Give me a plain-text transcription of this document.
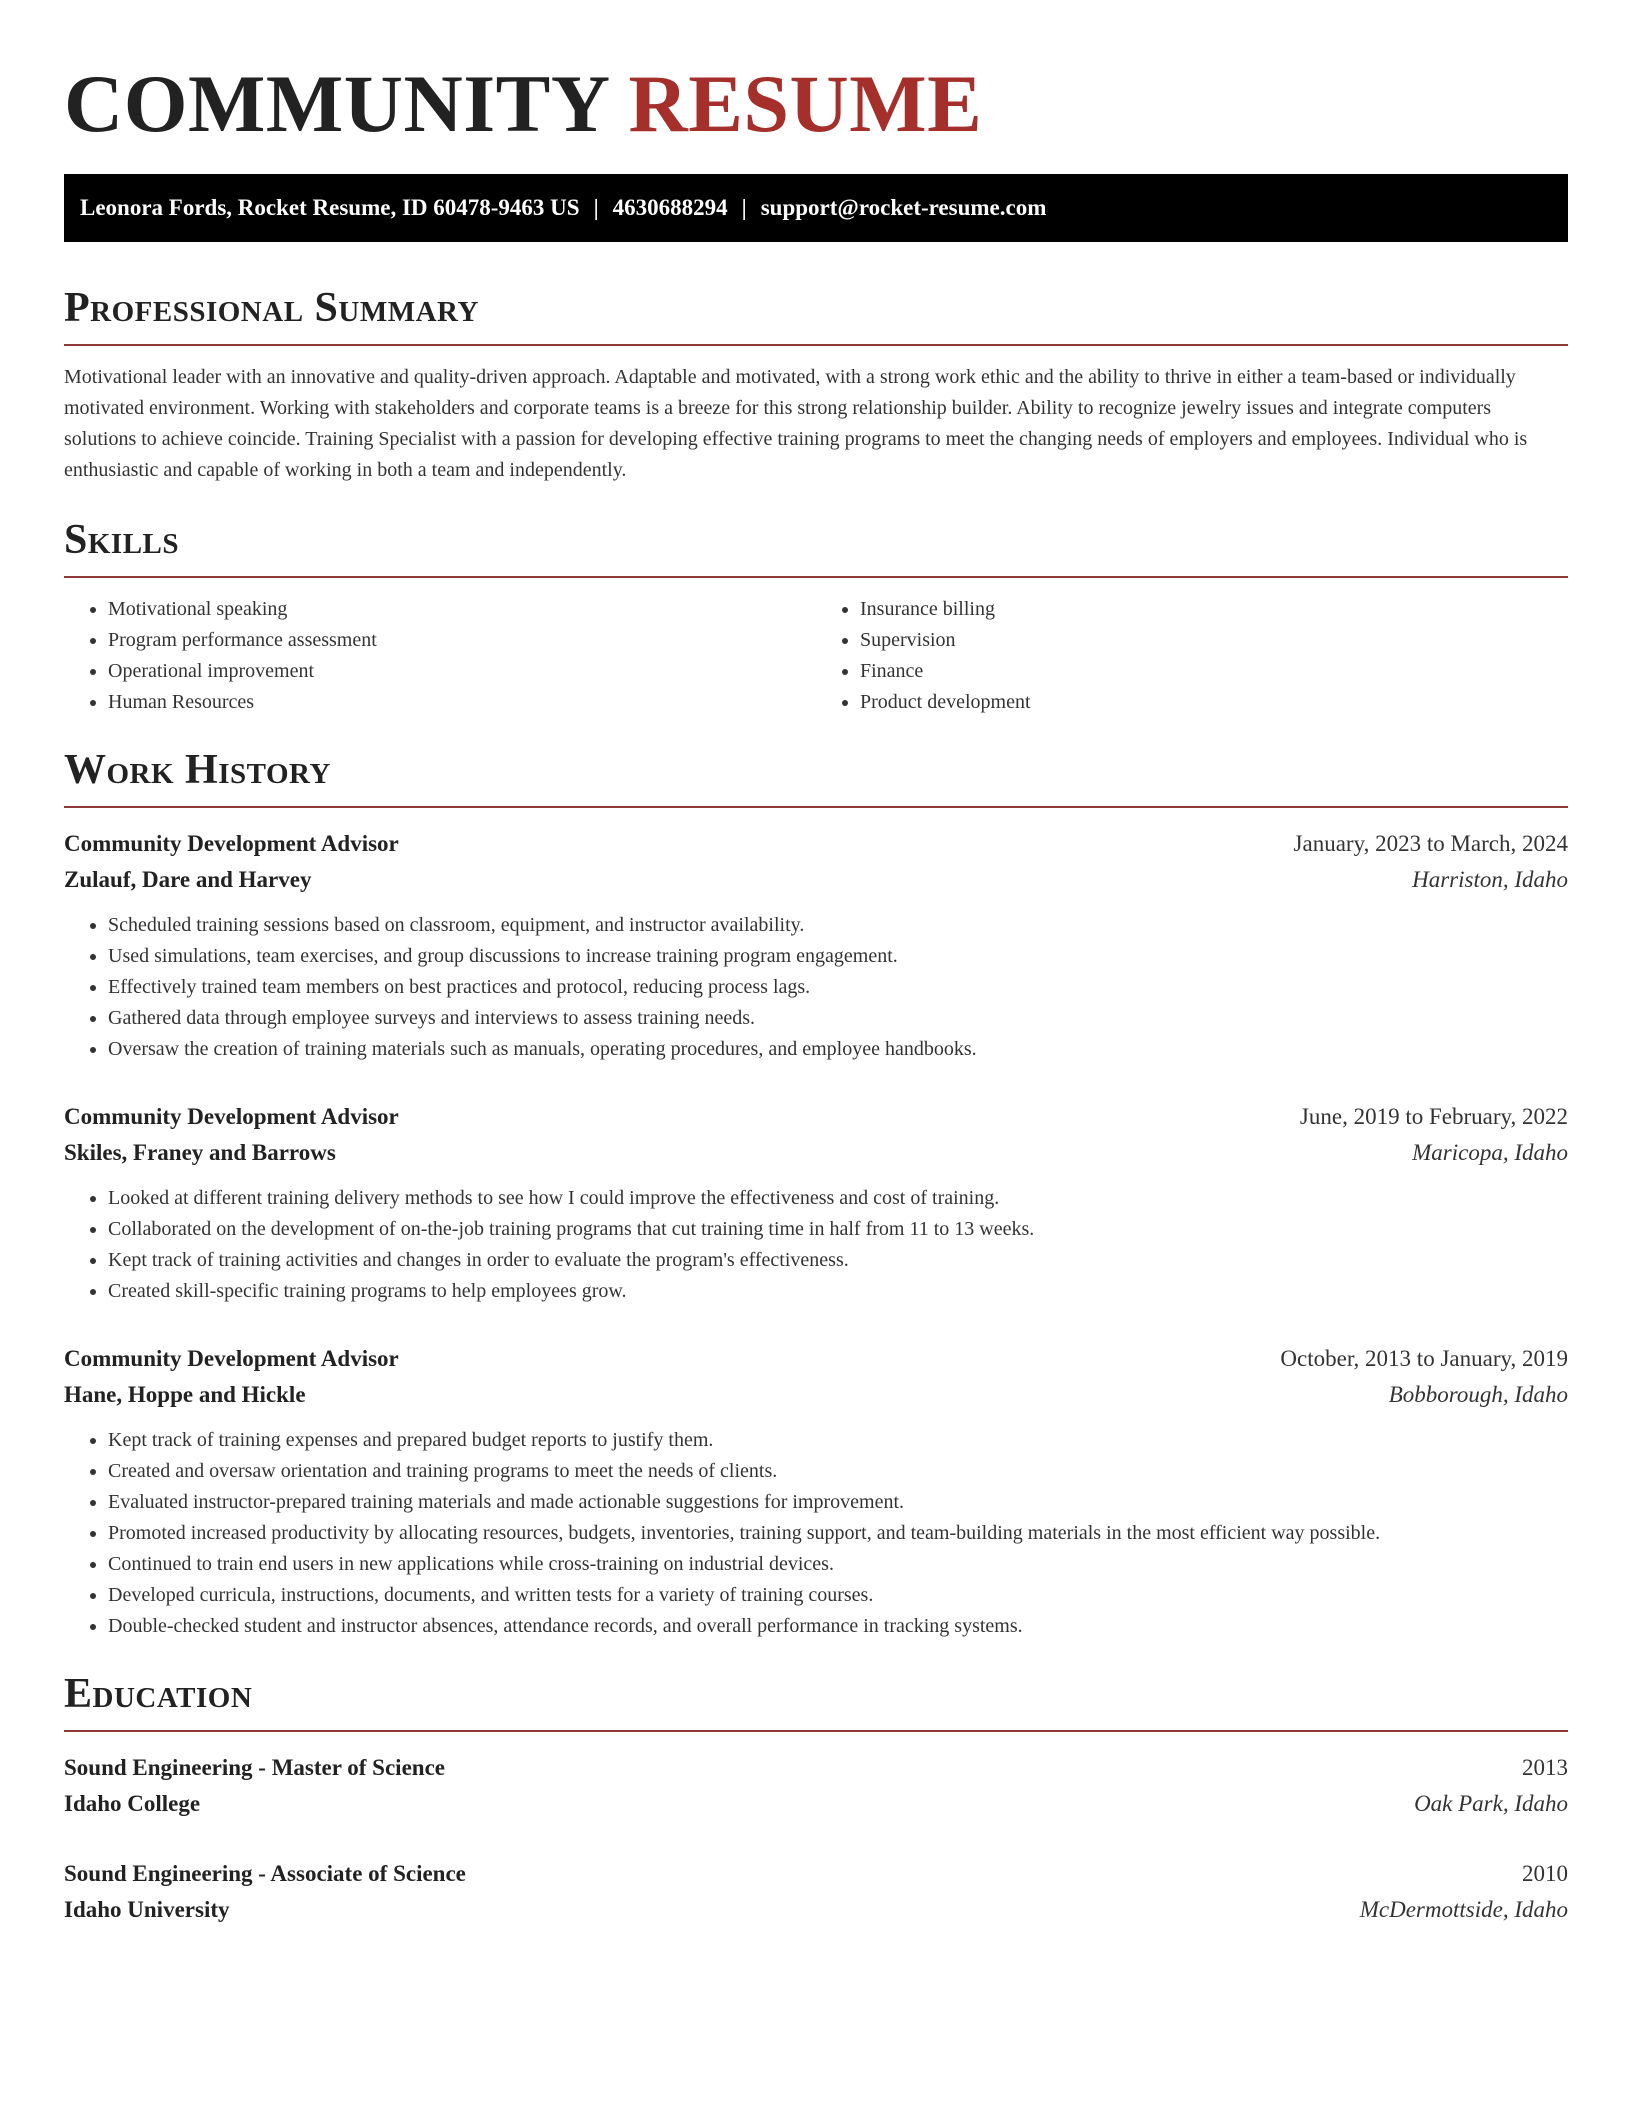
COMMUNITY RESUME
Leonora Fords, Rocket Resume, ID 60478-9463 US | 4630688294 | support@rocket-resume.com
Professional Summary

Motivational leader with an innovative and quality-driven approach. Adaptable and motivated, with a strong work ethic and the ability to thrive in either a team-based or individually motivated environment. Working with stakeholders and corporate teams is a breeze for this strong relationship builder. Ability to recognize jewelry issues and integrate computers solutions to achieve coincide. Training Specialist with a passion for developing effective training programs to meet the changing needs of employers and employees. Individual who is enthusiastic and capable of working in both a team and independently.

Skills
• Motivational speaking
• Program performance assessment
• Operational improvement
• Human Resources
• Insurance billing
• Supervision
• Finance
• Product development
Work History
Community Development Advisor	January, 2023 to March, 2024
Zulauf, Dare and Harvey	Harriston, Idaho
• Scheduled training sessions based on classroom, equipment, and instructor availability.
• Used simulations, team exercises, and group discussions to increase training program engagement.
• Effectively trained team members on best practices and protocol, reducing process lags.
• Gathered data through employee surveys and interviews to assess training needs.
• Oversaw the creation of training materials such as manuals, operating procedures, and employee handbooks.
Community Development Advisor	June, 2019 to February, 2022
Skiles, Franey and Barrows	Maricopa, Idaho
• Looked at different training delivery methods to see how I could improve the effectiveness and cost of training.
• Collaborated on the development of on-the-job training programs that cut training time in half from 11 to 13 weeks.
• Kept track of training activities and changes in order to evaluate the program's effectiveness.
• Created skill-specific training programs to help employees grow.
Community Development Advisor	October, 2013 to January, 2019
Hane, Hoppe and Hickle	Bobborough, Idaho
• Kept track of training expenses and prepared budget reports to justify them.
• Created and oversaw orientation and training programs to meet the needs of clients.
• Evaluated instructor-prepared training materials and made actionable suggestions for improvement.
• Promoted increased productivity by allocating resources, budgets, inventories, training support, and team-building materials in the most efficient way possible.
• Continued to train end users in new applications while cross-training on industrial devices.
• Developed curricula, instructions, documents, and written tests for a variety of training courses.
• Double-checked student and instructor absences, attendance records, and overall performance in tracking systems.
Education
Sound Engineering - Master of Science	2013
Idaho College	Oak Park, Idaho
Sound Engineering - Associate of Science	2010
Idaho University	McDermottside, Idaho
